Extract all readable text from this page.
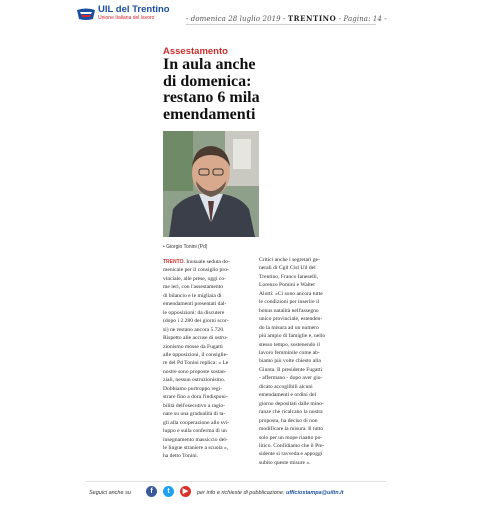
UIL del Trentino
Unione Italiana del lavoro	- domenica 28 luglio 2019 - TRENTINO - Pagina: 14 -
Assestamento
In aula anche
di domenica:
restano 6 mila
emendamenti
• Giorgio Tonini (Pd)
TRENTO. Inusuale seduta do-
menicale per il consiglio pro-
vinciale, alle prese, oggi co-
me ieri, con l'assestamento
di bilancio e le migliaia di
emendamenti presentati dal-
le opposizioni: da discutere
(dopo i 2.280 dei giorni scor-
si) ne restano ancora 5.720.
Rispetto alle accuse di ostru-
zionismo mosse da Fugatti
alle opposizioni, il consiglie-
re del Pd Tonini replica: « Le
nostre sono proposte sostan-
ziali, nessun ostruzionismo.
Dobbiamo purtroppo regi-
strare fino a dora l'indisponi-
bilità dell'esecutivo a ragio-
nare su una gradualità di ta-
gli alla cooperazione allo svi-
luppo e sulla conferma di un
insegnamento massiccio del-
le lingue straniere a scuola »,
ha detto Tonini.
Critici anche i segretari ge-
nerali di Cgil Cisl Uil del
Trentino, Franco Ianeselli,
Lorenzo Pomini e Walter
Alotti: «Ci sono ancora tutte
le condizioni per inserire il
bonus natalità nell'assegno
unico provinciale, estenden-
do la misura ad un numero
più ampio di famiglie e, nello
stesso tempo, sostenendo il
lavoro femminile come ab-
biamo più volte chiesto alla
Giunta. Il presidente Fugatti
- affermano - dopo aver giu-
dicato accoglibili alcuni
emendamenti e ordini del
giorno depositati dalle mino-
ranze che ricalcano la nostra
proposta, ha deciso di non
modificare la misura. Il tutto
solo per un mope riaatto po-
litico. Confidiamo che il Pre-
sidente si ravveda e appoggi
subito queste misure ».
Seguici anche su	f	t	▶	per info e richieste di pubblicazione: ufficiostampa@uiltn.it
